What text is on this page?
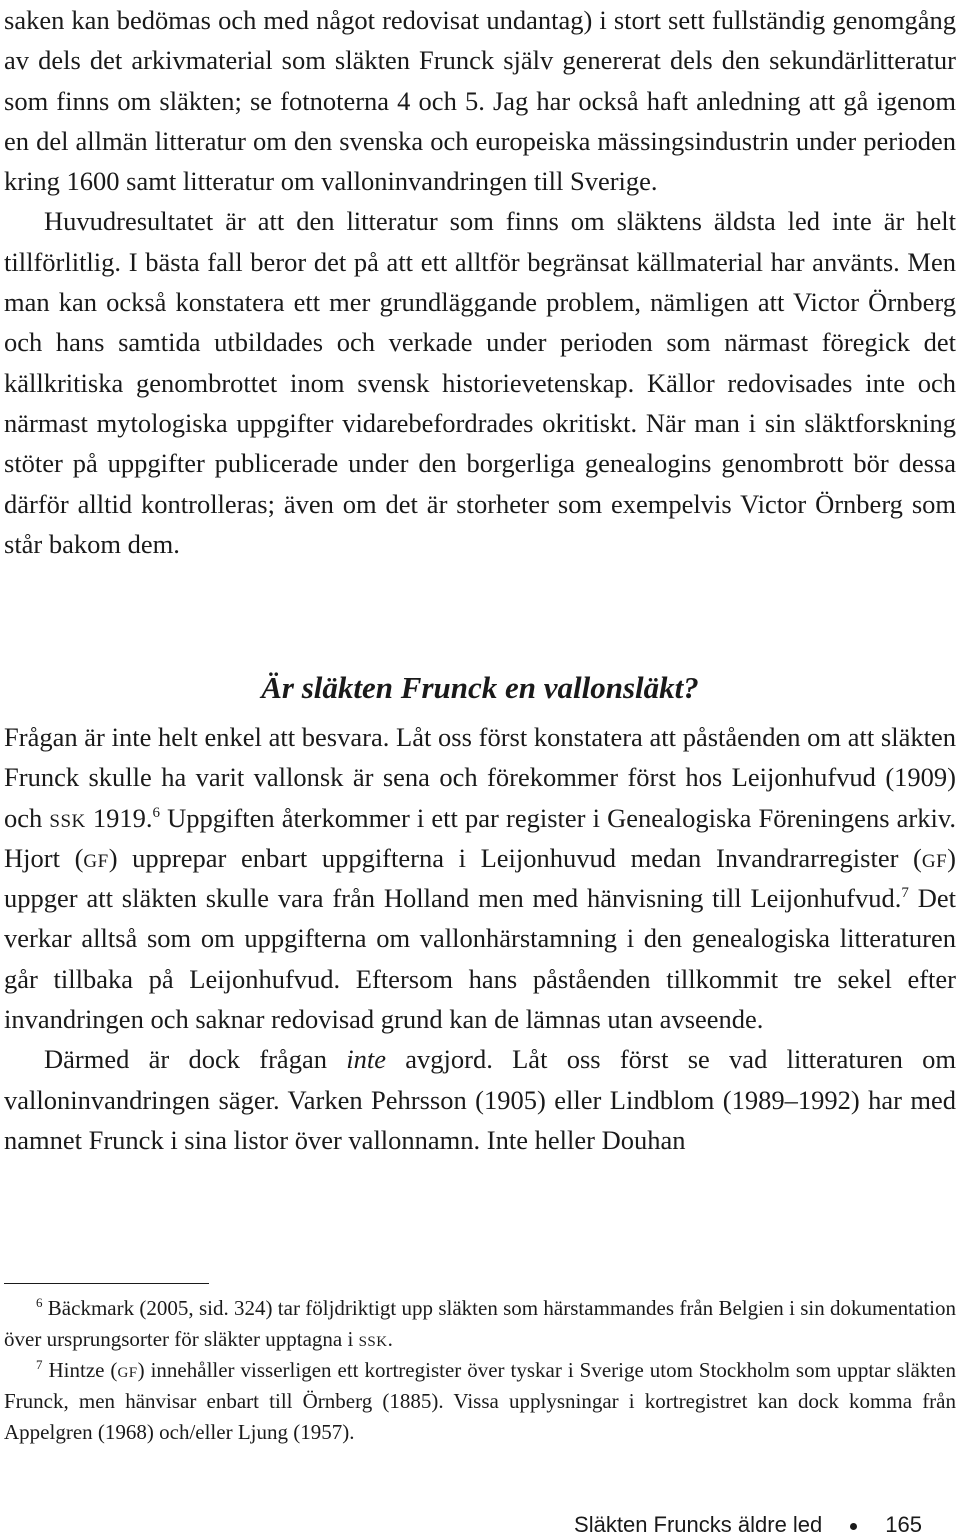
saken kan bedömas och med något redovisat undantag) i stort sett fullständig genomgång av dels det arkivmaterial som släkten Frunck själv genererat dels den sekundärlitteratur som finns om släkten; se fotnoterna 4 och 5. Jag har också haft anledning att gå igenom en del allmän litteratur om den svenska och europeiska mässingsindustrin under perioden kring 1600 samt litteratur om valloninvandringen till Sverige.

Huvudresultatet är att den litteratur som finns om släktens äldsta led inte är helt tillförlitlig. I bästa fall beror det på att ett alltför begränsat källmaterial har använts. Men man kan också konstatera ett mer grundläggande problem, nämligen att Victor Örnberg och hans samtida utbildades och verkade under perioden som närmast föregick det källkritiska genombrottet inom svensk historievetenskap. Källor redovisades inte och närmast mytologiska uppgifter vidarebefordrades okritiskt. När man i sin släktforskning stöter på uppgifter publicerade under den borgerliga genealogins genombrott bör dessa därför alltid kontrolleras; även om det är storheter som exempelvis Victor Örnberg som står bakom dem.

Är släkten Frunck en vallonsläkt?

Frågan är inte helt enkel att besvara. Låt oss först konstatera att påståenden om att släkten Frunck skulle ha varit vallonsk är sena och förekommer först hos Leijonhufvud (1909) och ssk 1919.$^6$ Uppgiften återkommer i ett par register i Genealogiska Föreningens arkiv. Hjort (gf) upprepar enbart uppgifterna i Leijonhuvud medan Invandrarregister (gf) uppger att släkten skulle vara från Holland men med hänvisning till Leijonhufvud.$^7$ Det verkar alltså som om uppgifterna om vallonhärstamning i den genealogiska litteraturen går tillbaka på Leijonhufvud. Eftersom hans påståenden tillkommit tre sekel efter invandringen och saknar redovisad grund kan de lämnas utan avseende.

Därmed är dock frågan inte avgjord. Låt oss först se vad litteraturen om valloninvandringen säger. Varken Pehrsson (1905) eller Lindblom (1989–1992) har med namnet Frunck i sina listor över vallonnamn. Inte heller Douhan

$^6$ Bäckmark (2005, sid. 324) tar följdriktigt upp släkten som härstammandes från Belgien i sin dokumentation över ursprungsorter för släkter upptagna i ssk.

$^7$ Hintze (gf) innehåller visserligen ett kortregister över tyskar i Sverige utom Stockholm som upptar släkten Frunck, men hänvisar enbart till Örnberg (1885). Vissa upplysningar i kortregistret kan dock komma från Appelgren (1968) och/eller Ljung (1957).

Släkten Fruncks äldre led	165
